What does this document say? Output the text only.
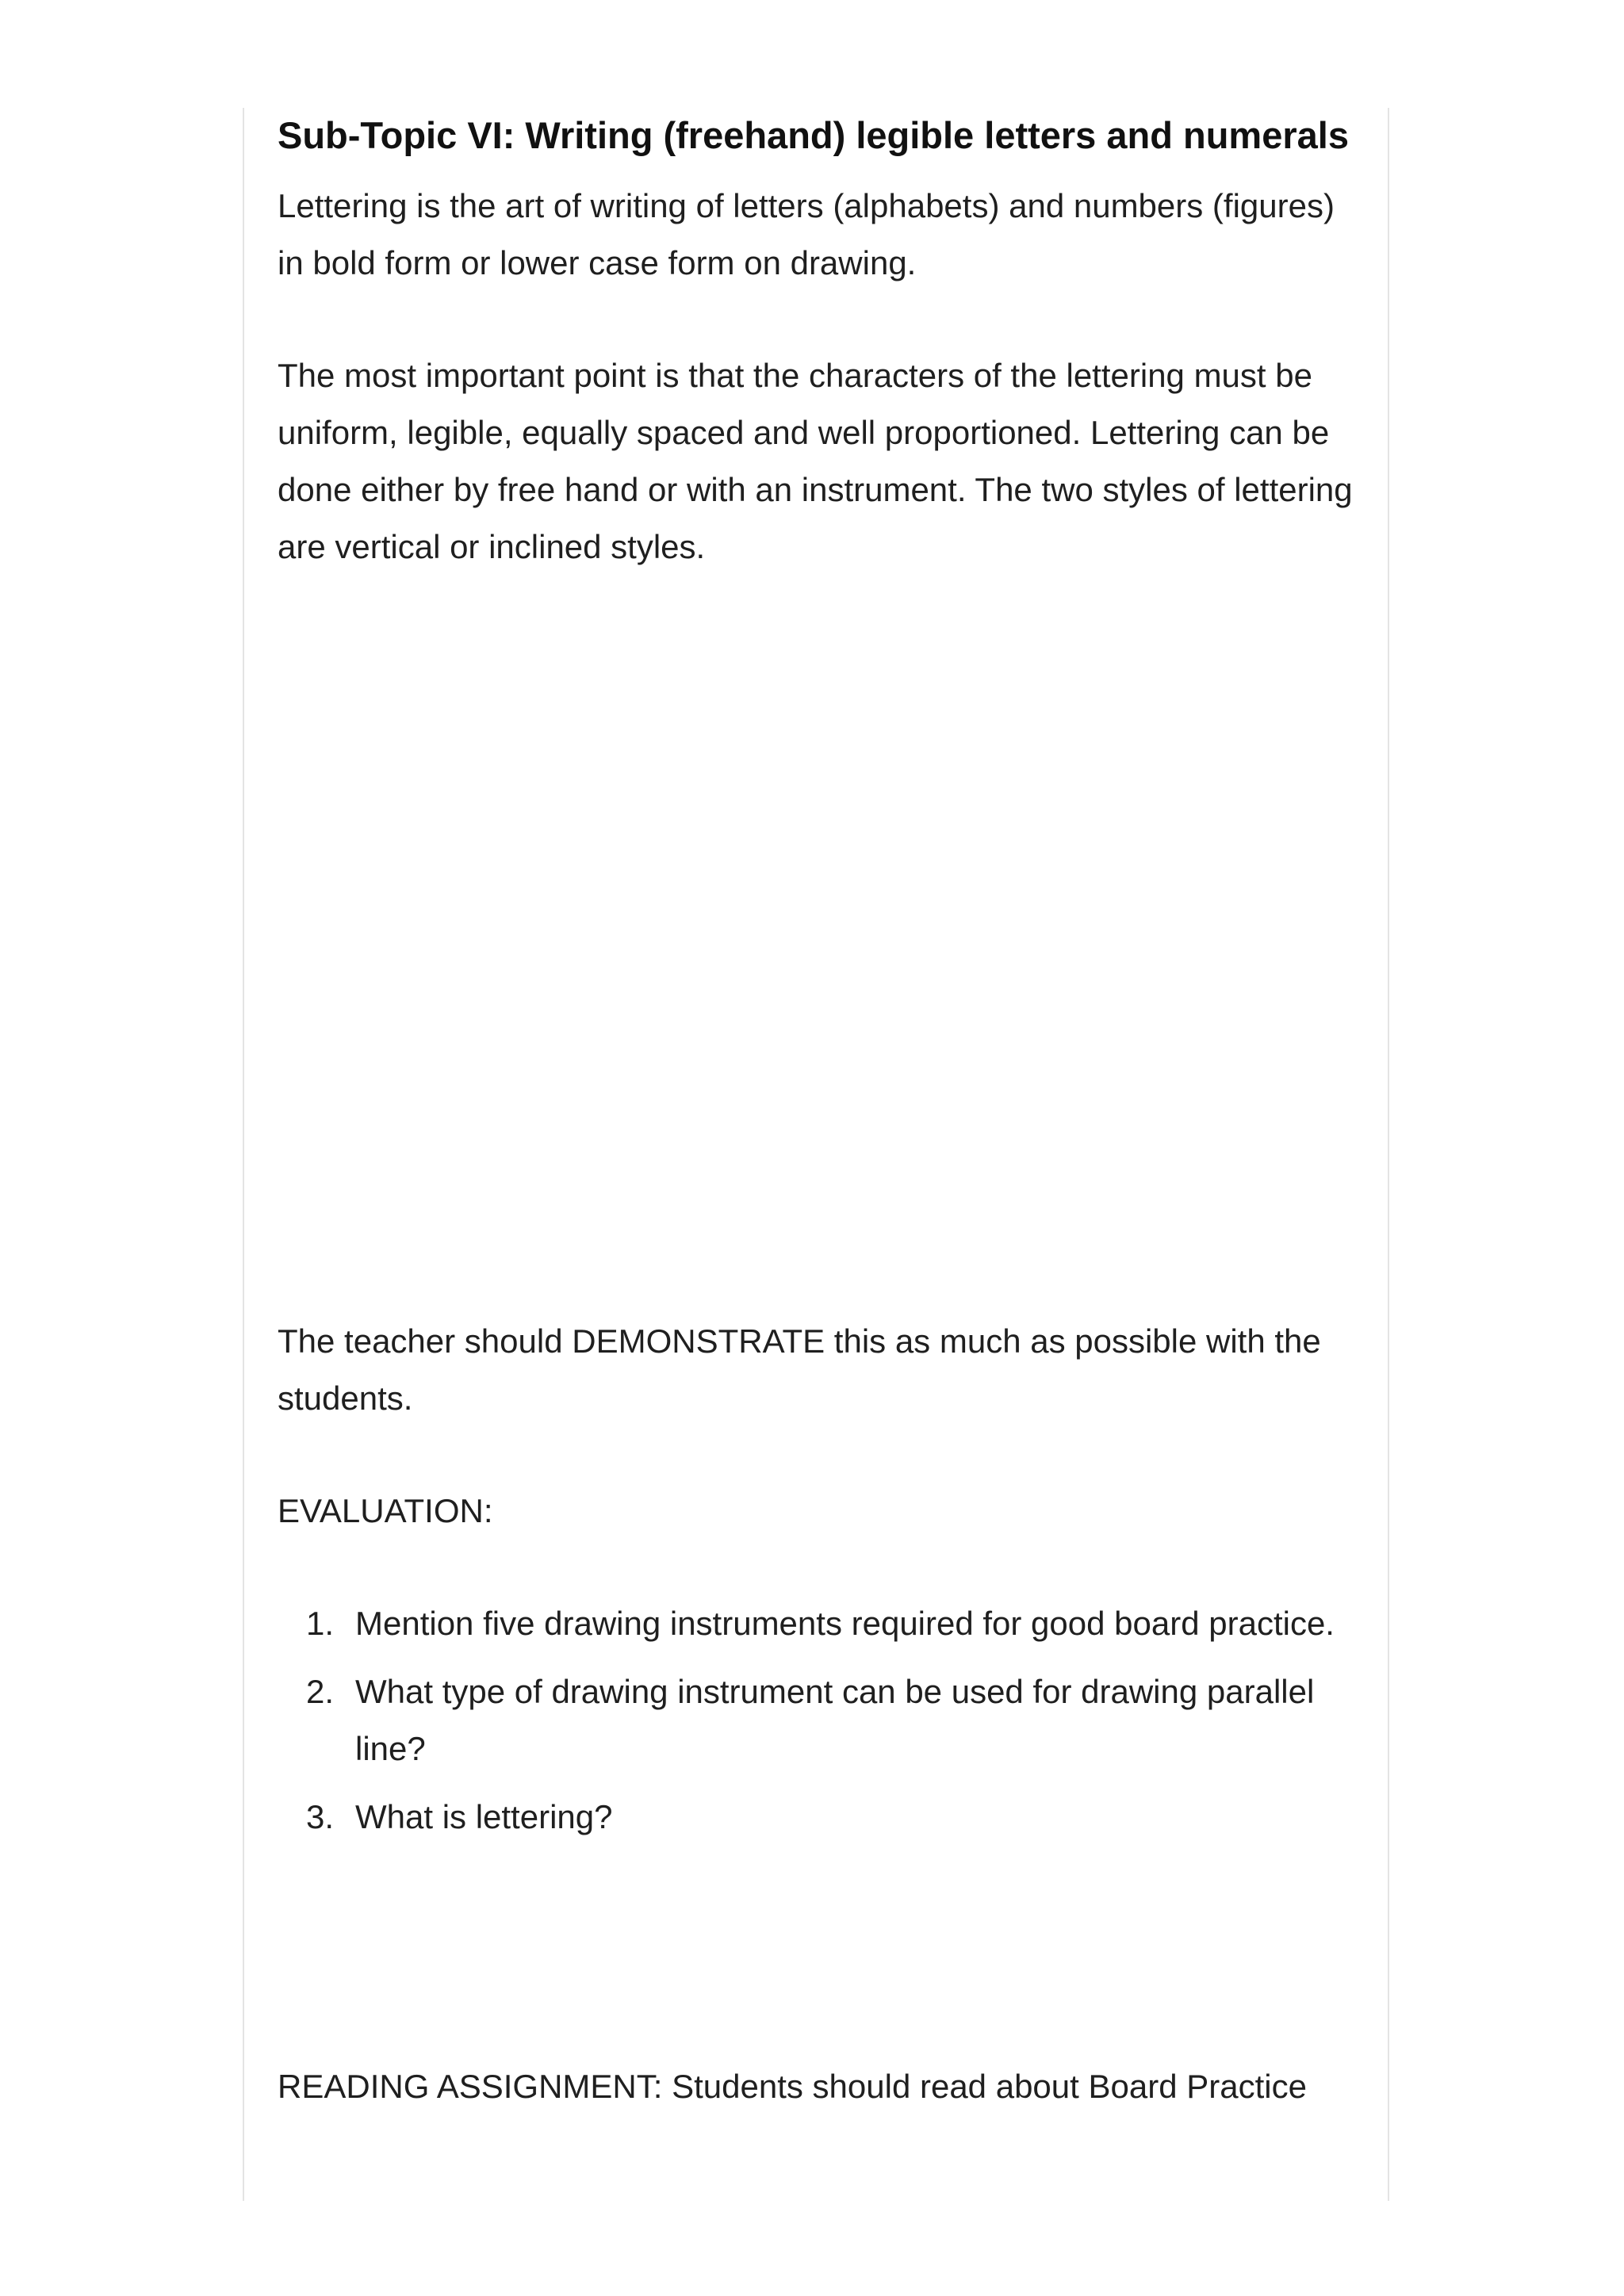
Sub-Topic VI: Writing (freehand) legible letters and numerals

Lettering is the art of writing of letters (alphabets) and numbers (figures) in bold form or lower case form on drawing.

The most important point is that the characters of the lettering must be uniform, legible, equally spaced and well proportioned. Lettering can be done either by free hand or with an instrument. The two styles of lettering are vertical or inclined styles.

The teacher should DEMONSTRATE this as much as possible with the students.

EVALUATION:

1. Mention five drawing instruments required for good board practice.
2. What type of drawing instrument can be used for drawing parallel line?
3. What is lettering?

READING ASSIGNMENT: Students should read about Board Practice
